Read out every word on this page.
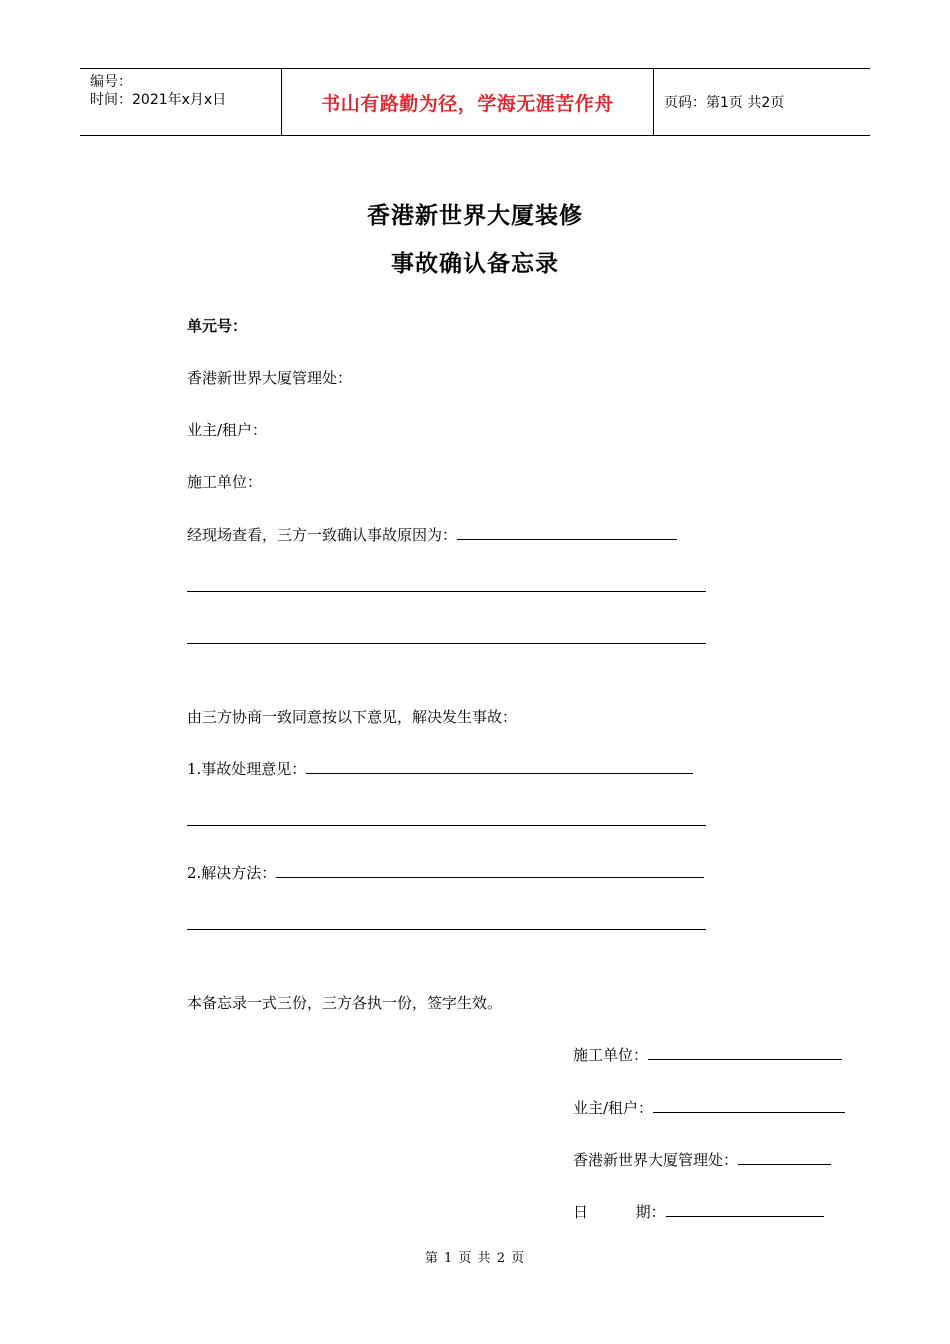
编号：
时间：2021年x月x日	书山有路勤为径，学海无涯苦作舟	页码：第1页 共2页
香港新世界大厦装修
事故确认备忘录
单元号：
香港新世界大厦管理处：
业主/租户：
施工单位：
经现场查看，三方一致确认事故原因为：
由三方协商一致同意按以下意见，解决发生事故：
1.事故处理意见：
2.解决方法：
本备忘录一式三份，三方各执一份，签字生效。
施工单位：
业主/租户：
香港新世界大厦管理处：
日          期：
第 1 页 共 2 页
